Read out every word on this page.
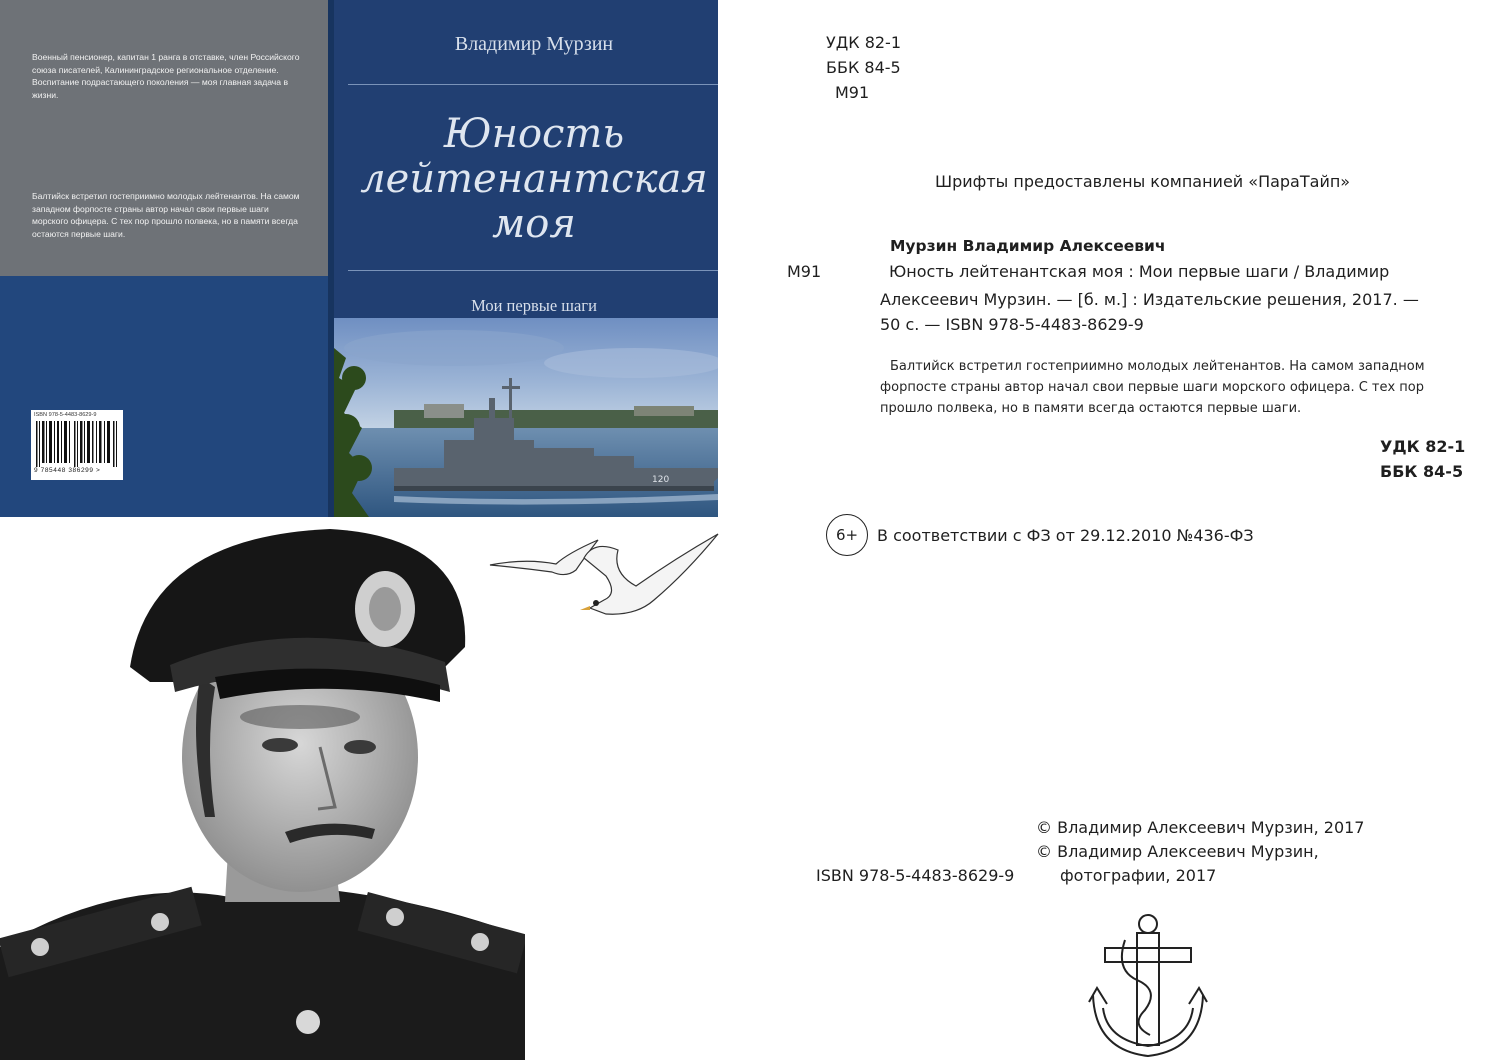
Военный пенсионер, капитан 1 ранга в отставке, член Российского союза писателей, Калининградское региональное отделение. Воспитание подрастающего поколения — моя главная задача в жизни.
Балтийск встретил гостеприимно молодых лейтенантов. На самом западном форпосте страны автор начал свои первые шаги морского офицера. С тех пор прошло полвека, но в памяти всегда остаются первые шаги.
ISBN 978-5-4483-8629-9
9 785448 386299 >
Владимир Мурзин
Юность
лейтенантская
моя
Мои первые шаги
120
УДК 82-1
ББК 84-5
М91
Шрифты предоставлены компанией «ПараТайп»
Мурзин Владимир Алексеевич
М91	Юность лейтенантская моя : Мои первые шаги / Владимир
Алексеевич Мурзин. — [б. м.] : Издательские решения, 2017. —
50 с. — ISBN 978-5-4483-8629-9
Балтийск встретил гостеприимно молодых лейтенантов. На самом западном форпосте страны автор начал свои первые шаги морского офицера. С тех пор прошло полвека, но в памяти всегда остаются первые шаги.
УДК 82-1
ББК 84-5
6+	В соответствии с ФЗ от 29.12.2010 №436-ФЗ
© Владимир Алексеевич Мурзин, 2017
© Владимир Алексеевич Мурзин,
ISBN 978-5-4483-8629-9	фотографии, 2017
